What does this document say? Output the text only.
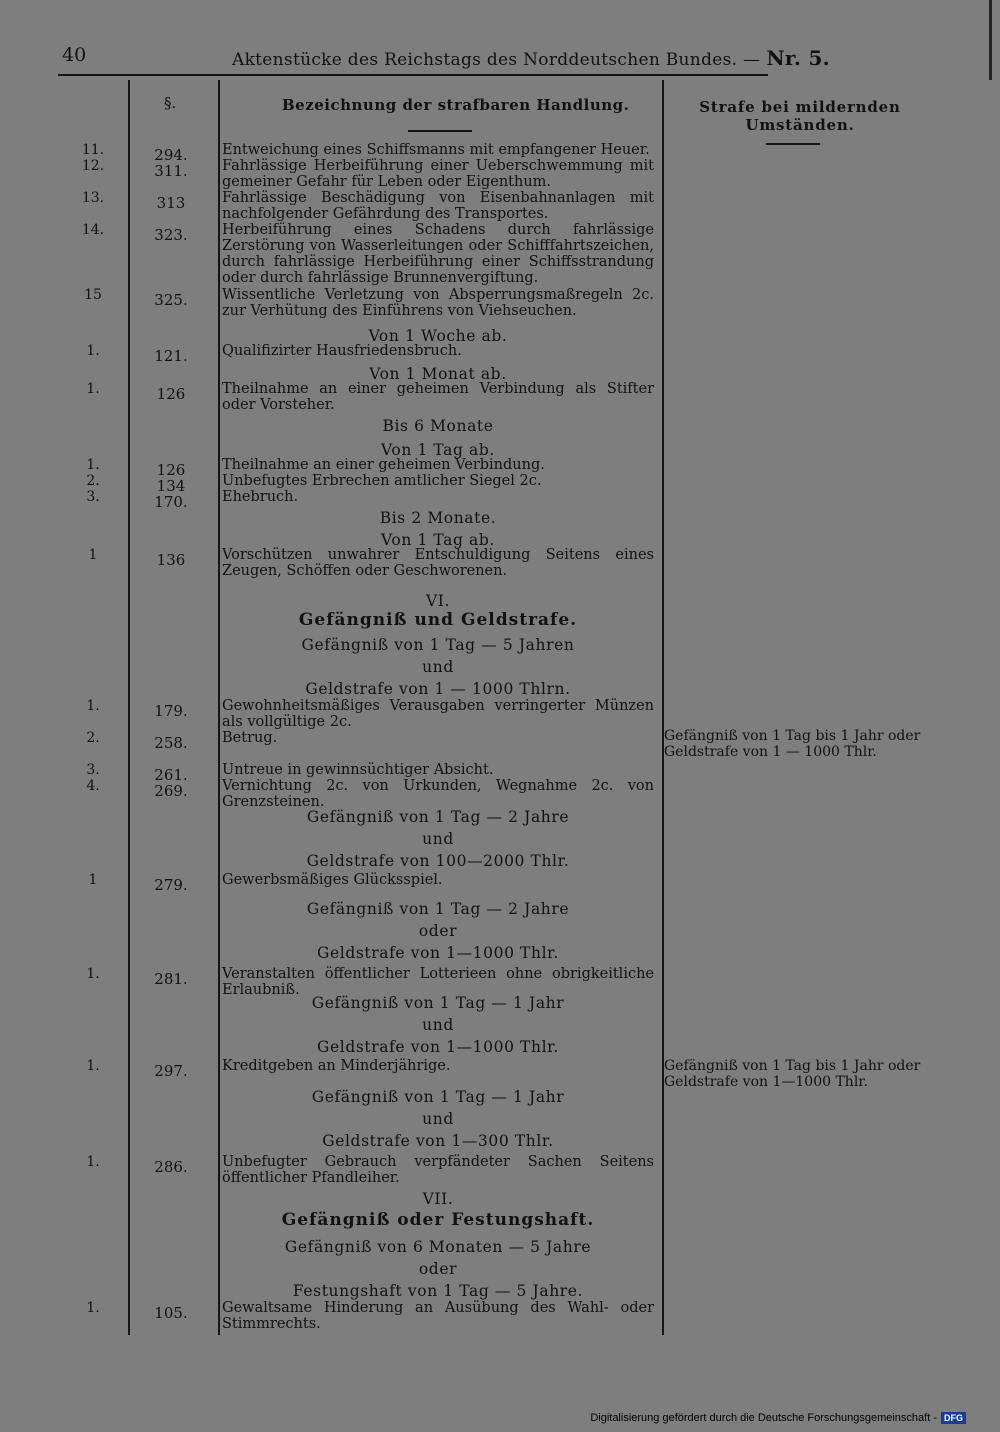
40	Aktenstücke des Reichstags des Norddeutschen Bundes. — Nr. 5.
§.	Bezeichnung der strafbaren Handlung.	Strafe bei mildernden Umständen.
11.	294.	Entweichung eines Schiffsmanns mit empfangener Heuer.
12.	311.	Fahrlässige Herbeiführung einer Ueberschwemmung mit gemeiner Gefahr für Leben oder Eigenthum.
13.	313	Fahrlässige Beschädigung von Eisenbahnanlagen mit nachfolgender Gefährdung des Transportes.
14.	323.	Herbeiführung eines Schadens durch fahrlässige Zerstörung von Wasserleitungen oder Schifffahrtszeichen, durch fahrlässige Herbeiführung einer Schiffsstrandung oder durch fahrlässige Brunnenvergiftung.
15	325.	Wissentliche Verletzung von Absperrungsmaßregeln 2c. zur Verhütung des Einführens von Viehseuchen.
Von 1 Woche ab.
1.	121.	Qualifizirter Hausfriedensbruch.
Von 1 Monat ab.
1.	126	Theilnahme an einer geheimen Verbindung als Stifter oder Vorsteher.
Bis 6 Monate
Von 1 Tag ab.
1.	126	Theilnahme an einer geheimen Verbindung.
2.	134	Unbefugtes Erbrechen amtlicher Siegel 2c.
3.	170.	Ehebruch.
Bis 2 Monate.
Von 1 Tag ab.
1	136	Vorschützen unwahrer Entschuldigung Seitens eines Zeugen, Schöffen oder Geschworenen.
VI.
Gefängniß und Geldstrafe.
Gefängniß von 1 Tag — 5 Jahren
und
Geldstrafe von 1 — 1000 Thlrn.
1.	179.	Gewohnheitsmäßiges Verausgaben verringerter Münzen als vollgültige 2c.
2.	258.	Betrug.	Gefängniß von 1 Tag bis 1 Jahr oder Geldstrafe von 1 — 1000 Thlr.
3.	261.	Untreue in gewinnsüchtiger Absicht.
4.	269.	Vernichtung 2c. von Urkunden, Wegnahme 2c. von Grenzsteinen.
Gefängniß von 1 Tag — 2 Jahre
und
Geldstrafe von 100—2000 Thlr.
1	279.	Gewerbsmäßiges Glücksspiel.
Gefängniß von 1 Tag — 2 Jahre
oder
Geldstrafe von 1—1000 Thlr.
1.	281.	Veranstalten öffentlicher Lotterieen ohne obrigkeitliche Erlaubniß.
Gefängniß von 1 Tag — 1 Jahr
und
Geldstrafe von 1—1000 Thlr.
1.	297.	Kreditgeben an Minderjährige.	Gefängniß von 1 Tag bis 1 Jahr oder Geldstrafe von 1—1000 Thlr.
Gefängniß von 1 Tag — 1 Jahr
und
Geldstrafe von 1—300 Thlr.
1.	286.	Unbefugter Gebrauch verpfändeter Sachen Seitens öffentlicher Pfandleiher.
VII.
Gefängniß oder Festungshaft.
Gefängniß von 6 Monaten — 5 Jahre
oder
Festungshaft von 1 Tag — 5 Jahre.
1.	105.	Gewaltsame Hinderung an Ausübung des Wahl- oder Stimmrechts.
Digitalisierung gefördert durch die Deutsche Forschungsgemeinschaft - DFG
